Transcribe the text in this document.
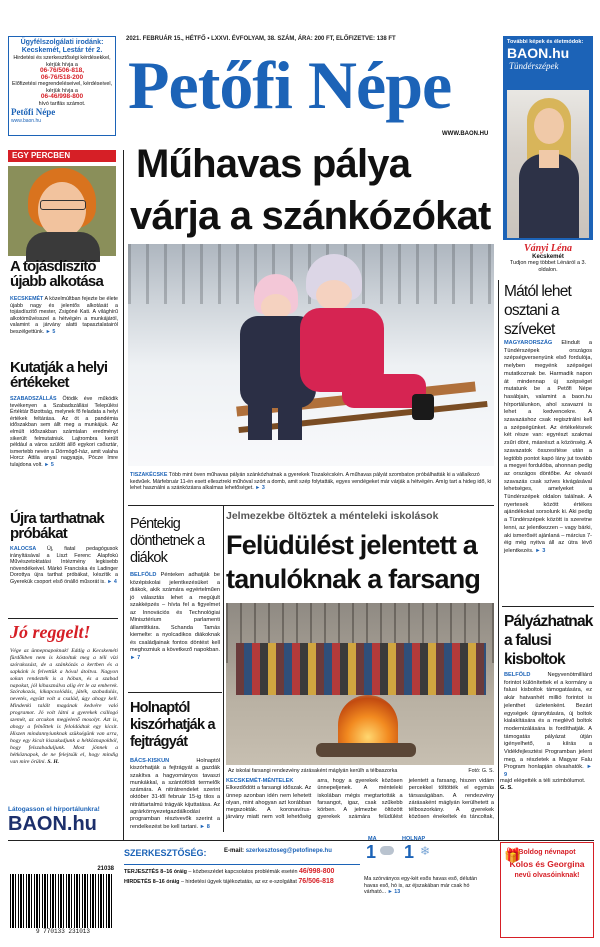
Ügyfélszolgálati irodánk:
Kecskemét, Lestár tér 2.
Hirdetési és szerkesztőségi kérdésekkel, kérjük hívja a
06-76/506-818,
06-76/518-200
Előfizetési megrendeléseivel, kérdéseivel, kérjük hívja a
06-46/998-800
hívó tarifás számot.
Petőfi Népe
www.baon.hu
2021. FEBRUÁR 15., HÉTFŐ • LXXVI. ÉVFOLYAM, 38. SZÁM, ÁRA: 200 FT, ELŐFIZETVE: 138 FT
Petőfi Népe
WWW.BAON.HU
További képek és életmódok:
BAON.hu
Tündérszépek
Ványi Léna
Kecskemét
Tudjon meg többet Lénáról a 3. oldalon.
EGY PERCBEN
A tojásdíszítő újabb alkotása
KECSKEMÉT A közelmúltban fejezte be élete újabb nagy és jelentős alkotását a tojásdíszítő mester, Zsigóné Kati. A világhírű alkotóművésszel a hétvégén a munkájáról, valamint a járvány alatti tapasztalatairól beszélgettünk. ► 5
Kutatják a helyi értékeket
SZABADSZÁLLÁS Ötödik éve működik tevékenyen a Szabadszállási Települési Értéktár Bizottság, melynek fő feladata a helyi értékek feltárása. Az öt a pandémia időszakban sem állt meg a munkájuk. Az elmúlt időszakban számtalan eredményt sikerült felmutatniuk. Lajtrombra került például a város szülött állő egykori csősztár, ismertebb nevén a Dörmögő-ház, amit valaha Horcz Attila anyai nagyapja, Pócze Imre tulajdona volt. ► 5
Újra tarthatnak próbákat
KALOCSA Új, fiatal pedagógusok irányításával a Liszt Ferenc Alapfokú Művészetoktatási Intézmény legkisebb növendékeivel. Márkó Franciska és Ladinger Dorottya újra tarthat próbákat, készítik a Gyerekük csoport első önálló műsorát is. ► 4
Jó reggelt!
Vége az ünnepnapoknak! Eddig a Kecskeméti fürdőkben nem is kóstoltuk meg a téli vízi szórakozást, de a szánkózás a kertben és a sapkánk is felvettük a hóval átoltva. Nagyon sokan rendezték is a hóban, és a szabad napokat, jól kihasználva alig ért le az emberek. Szórakozás, kikapcsolódás, játék, szabadulás, nevetés, együtt volt a család, úgy ahogy kell. Mindenki talált magának kedvére való programot. Jó volt látni a gyerekek csillogó szemét, az arcukon megjelenő mosolyt. Azt is, ahogy a felnőttek is feloldódtak egy kicsit. Hiszen mindannyiunknak szükségünk van arra, hogy egy kicsit kiszakadjunk a hétköznapokból, hogy felszabaduljunk. Most jönnek a hétköznapok, de ne felejtsük el, hogy mindig van mire örülni. S. H.
Látogasson el hírportálunkra!
BAON.hu
21038
9 770133 231013
Műhavas pálya
várja a szánkózókat
TISZAKÉCSKE Több mint öven műhavas pályán szánkózhatnak a gyerekek Tiszakécskén. A műhavas pályát szombaton próbálhatták ki a vállalkozó kedvűek. Márfebruár 11-én esett ellesztreki műhóval szórt a domb, amit szép folytatták, egyes vendégeket már várják a hétvégén. Amíg tart a hideg idő, ki lehet használni a szánkózásra alkalmas lehetőséget. ► 3
Mától lehet osztani a szíveket
MAGYARORSZÁG Elindult a Tündérszépek országos szépségversenyünk első fordulója, melyben megyénk szépségei mutatkoznak be. Harmadik napon át mindennap új szépséget mutatunk be a Petőfi Népe hasábjain, valamint a baon.hu hírportálunkon, ahol szavazni is lehet a kedvencekre. A szavazáshoz csak regisztrálni kell a szépségünket. Az értékelésnek két része van: egyrészt szakmai zsűri dönt, másrészt a közönség. A szavazatok összesítése után a legtöbb pontot kapó lány jut tovább a megyei fordulóba, ahonnan pedig az országos döntőbe. Az olvasói szavazás csak szíves kivágásával lehetséges, amelyeket a Tündérszépek oldalon találnak. A nyertesek között értékes ajándékokat sorsolunk ki. Aki pedig a Tündérszépek között is szeretne lenni, az jelentkezzen – vagy bárki, aki ismerősét ajánlaná – március 7-éig még nyitva áll az útra lévő jelentkezés. ► 3
Pályázhatnak a falusi kisboltok
BELFÖLD	Negyvenötmilliárd forintot különítettek el a kormány a falusi kisboltok támogatására, ez akár hatvanhét millió forintot is jelenthet üzletenként. Bezárt egységek újranyitására, új boltok kialakítására és a meglévő boltok modernizálására is fordíthatják. A támogatás pályázat útján igényelhető, a kiírás a Vidékfejlesztési Programban jelent meg, a részletek a Magyar Falu Program honlapján olvashatók. ► 9
Péntekig dönthetnek a diákok
BELFÖLD Pénteken adhatják be középiskolai jelentkezésüket a diákok, akik számára egyértelműen jó választás lehet a megújult szakképzés – hívta fel a figyelmet az Innovációs és Technológiai Minisztérium parlamenti államtitkára. Schanda Tamás kiemelte: a nyolcadikos diákoknak és családjainak fontos döntést kell meghozniuk a következő napokban. ► 7
Holnaptól kiszórhatják a fejtrágyát
BÁCS-KISKUN	Holnaptól kiszórhatják a fejtrágyát a gazdák szakítva a hagyományos tavaszi munkákkal, a szántóföldi termelők számára. A nitrátrendelet szerint október 31-től február 15-ig tilos a nitráttartalmú trágyák kijuttatása. Az agrárkörnyezetgazdálkodási programban résztvevők szerint a rendelkezést be kell tartani. ► 8
Jelmezekbe öltöztek a ménteleki iskolások
Felüdülést jelentett a
tanulóknak a farsang
Az iskolai farsangi rendezvény zárásaként máglyán kerülh a télbaszorka	Fotó: G. S.
KECSKEMÉT-MÉNTELEK Elkezdődött a farsangi időszak. Az ünnep azonban idén nem lehetett olyan, mint ahogyan azt korábban megszokták. A koronavírus-járvány miatt nem volt lehetőség arra, hogy a gyerekek közösen ünnepeljenek. A ménteleki iskolában mégis megtartották a farsangot, igaz, csak szűkebb körben. A jelmezbe öltözött gyerekek számára felüdülést jelentett a farsang, hiszen vidám percekkel töltötték el egymás társaságában. A rendezvény zárásaként máglyán kerülhetett a télboszorkány. A gyerekek közösen énekeltek és táncoltak, majd elégették a téli szimbólumot. G. S.
SZERKESZTŐSÉG:	E-mail: szerkesztoseg@petofinepe.hu
TERJESZTÉS 8–16 óráig – közbeszédet kapcsolatos problémák esetén 46/998-800
HIRDETÉS 8–16 óráig – hirdetési ügyek tájékoztatás, az ez e-szolgáltat 76/506-818
MA
1
HOLNAP
1 ❄
Ma szórványos egy-két esős havas eső, délután havas eső, hó is, az éjszakában már csak hó várható... ► 13
🎁
Boldog névnapot
Kolos és Georgina
nevű olvasóinknak!
